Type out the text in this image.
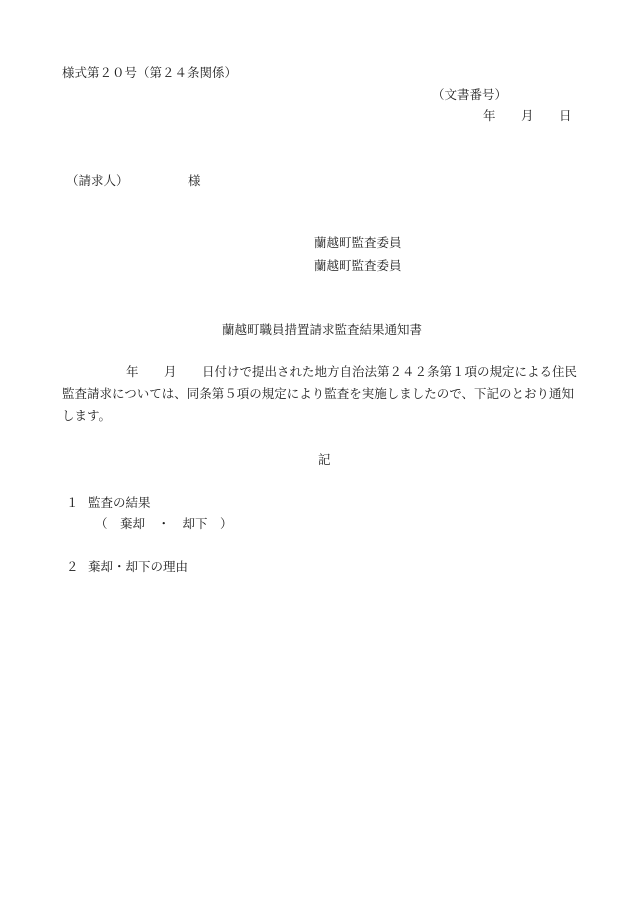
様式第２０号（第２４条関係）
（文書番号）
年 月 日
（請求人）	様
蘭越町監査委員
蘭越町監査委員
蘭越町職員措置請求監査結果通知書
年 月 日付けで提出された地方自治法第２４２条第１項の規定による住民
監査請求については、同条第５項の規定により監査を実施しましたので、下記のとおり通知
します。
記
１ 監査の結果
（　棄却　・　却下　）
２ 棄却・却下の理由
